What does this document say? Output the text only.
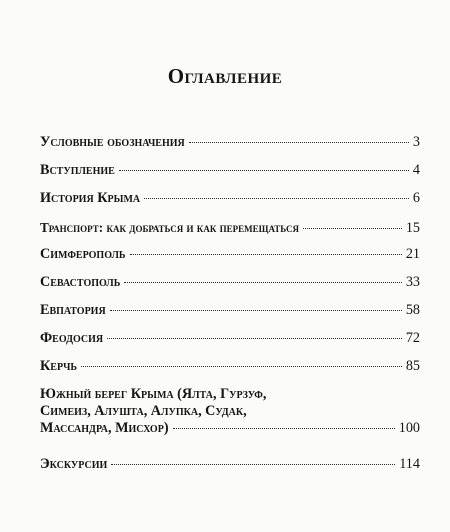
Оглавление
Условные обозначения	3
Вступление	4
История Крыма	6
Транспорт: как добраться и как перемещаться	15
Симферополь	21
Севастополь	33
Евпатория	58
Феодосия	72
Керчь	85
Южный берег Крыма (Ялта, Гурзуф,
Симеиз, Алушта, Алупка, Судак,
Массандра, Мисхор)	100
Экскурсии	114
